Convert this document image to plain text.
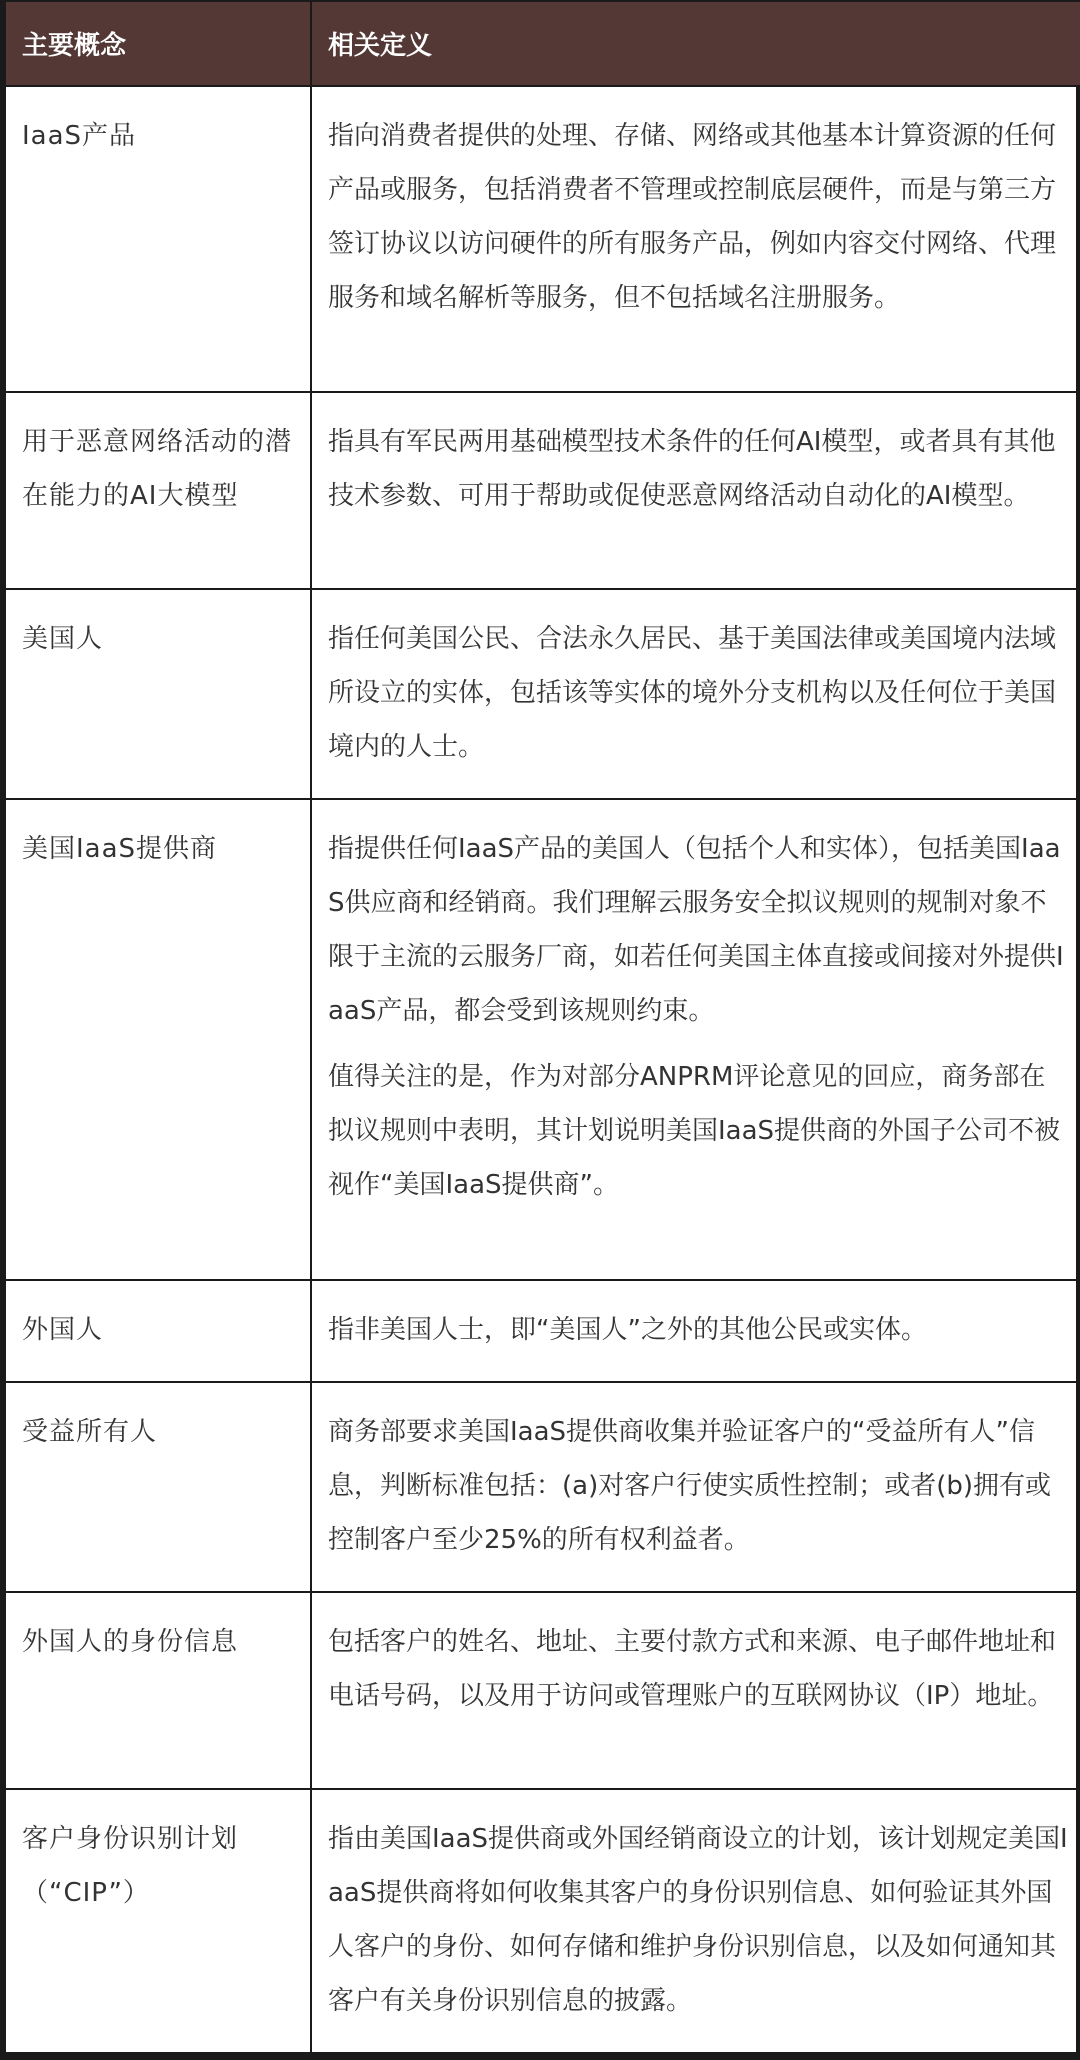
主要概念	相关定义
IaaS产品	指向消费者提供的处理、存储、网络或其他基本计算资源的任何产品或服务，包括消费者不管理或控制底层硬件，而是与第三方签订协议以访问硬件的所有服务产品，例如内容交付网络、代理服务和域名解析等服务，但不包括域名注册服务。

用于恶意网络活动的潜在能力的AI大模型	指具有军民两用基础模型技术条件的任何AI模型，或者具有其他技术参数、可用于帮助或促使恶意网络活动自动化的AI模型。

美国人	指任何美国公民、合法永久居民、基于美国法律或美国境内法域所设立的实体，包括该等实体的境外分支机构以及任何位于美国境内的人士。

美国IaaS提供商	指提供任何IaaS产品的美国人（包括个人和实体），包括美国IaaS供应商和经销商。我们理解云服务安全拟议规则的规制对象不限于主流的云服务厂商，如若任何美国主体直接或间接对外提供IaaS产品，都会受到该规则约束。

值得关注的是，作为对部分ANPRM评论意见的回应，商务部在拟议规则中表明，其计划说明美国IaaS提供商的外国子公司不被视作“美国IaaS提供商”。

外国人	指非美国人士，即“美国人”之外的其他公民或实体。

受益所有人	商务部要求美国IaaS提供商收集并验证客户的“受益所有人”信息，判断标准包括：(a)对客户行使实质性控制；或者(b)拥有或控制客户至少25%的所有权利益者。

外国人的身份信息	包括客户的姓名、地址、主要付款方式和来源、电子邮件地址和电话号码，以及用于访问或管理账户的互联网协议（IP）地址。

客户身份识别计划（“CIP”）	指由美国IaaS提供商或外国经销商设立的计划，该计划规定美国IaaS提供商将如何收集其客户的身份识别信息、如何验证其外国人客户的身份、如何存储和维护身份识别信息，以及如何通知其客户有关身份识别信息的披露。
